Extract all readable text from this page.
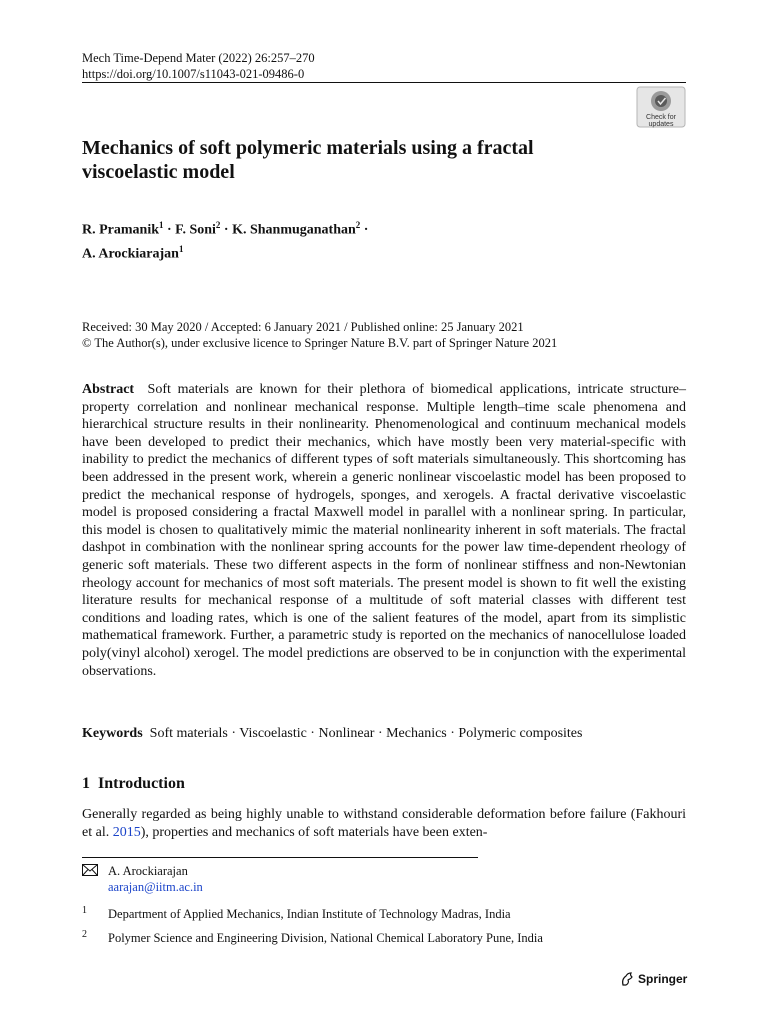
Mech Time-Depend Mater (2022) 26:257–270
https://doi.org/10.1007/s11043-021-09486-0
Check for
updates
Mechanics of soft polymeric materials using a fractal
viscoelastic model
R. Pramanik$^1$ · F. Soni$^2$ · K. Shanmuganathan$^2$ ·
A. Arockiarajan$^1$
Received: 30 May 2020 / Accepted: 6 January 2021 / Published online: 25 January 2021
© The Author(s), under exclusive licence to Springer Nature B.V. part of Springer Nature 2021
Abstract Soft materials are known for their plethora of biomedical applications, intricate structure–property correlation and nonlinear mechanical response. Multiple length–time scale phenomena and hierarchical structure results in their nonlinearity. Phenomenological and continuum mechanical models have been developed to predict their mechanics, which have mostly been very material-specific with inability to predict the mechanics of different types of soft materials simultaneously. This shortcoming has been addressed in the present work, wherein a generic nonlinear viscoelastic model has been proposed to predict the mechanical response of hydrogels, sponges, and xerogels. A fractal derivative viscoelastic model is proposed considering a fractal Maxwell model in parallel with a nonlinear spring. In particular, this model is chosen to qualitatively mimic the material nonlinearity inherent in soft materials. The fractal dashpot in combination with the nonlinear spring accounts for the power law time-dependent rheology of generic soft materials. These two different aspects in the form of nonlinear stiffness and non-Newtonian rheology account for mechanics of most soft materials. The present model is shown to fit well the existing literature results for mechanical response of a multitude of soft material classes with different test conditions and loading rates, which is one of the salient features of the model, apart from its simplistic mathematical framework. Further, a parametric study is reported on the mechanics of nanocellulose loaded poly(vinyl alcohol) xerogel. The model predictions are observed to be in conjunction with the experimental observations.
Keywords Soft materials · Viscoelastic · Nonlinear · Mechanics · Polymeric composites
1 Introduction
Generally regarded as being highly unable to withstand considerable deformation before failure (Fakhouri et al. 2015), properties and mechanics of soft materials have been exten-
A. Arockiarajan
aarajan@iitm.ac.in
1 Department of Applied Mechanics, Indian Institute of Technology Madras, India
2 Polymer Science and Engineering Division, National Chemical Laboratory Pune, India
Springer
